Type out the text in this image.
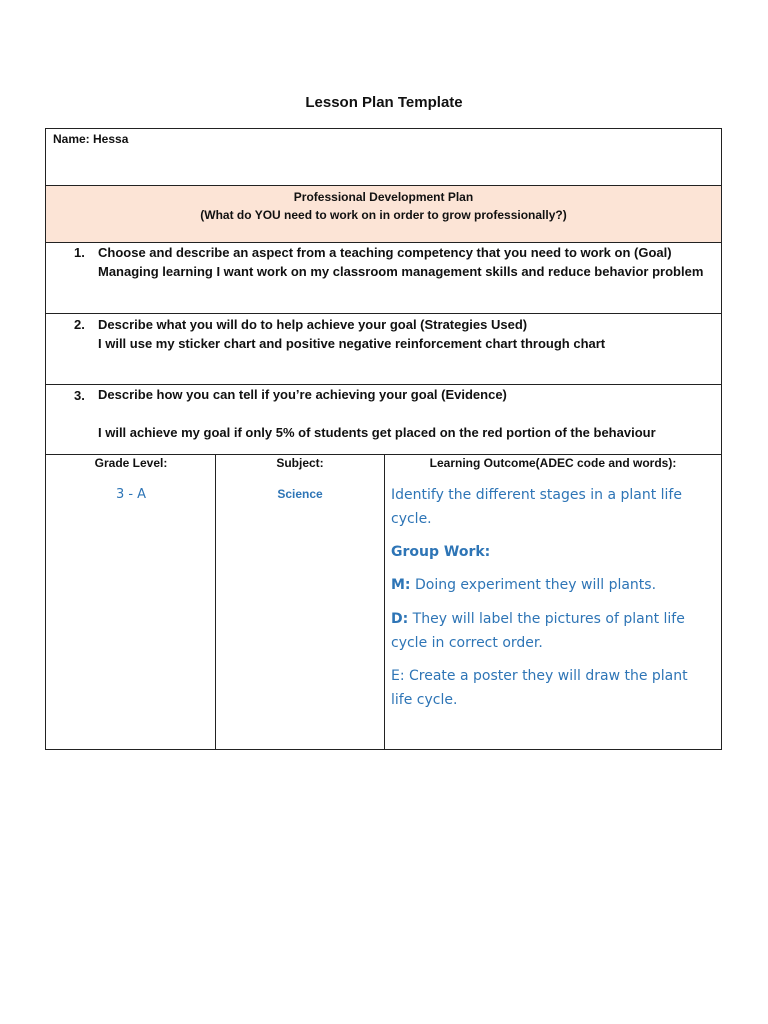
Lesson Plan Template
Name: Hessa
Professional Development Plan
(What do YOU need to work on in order to grow professionally?)
1. Choose and describe an aspect from a teaching competency that you need to work on (Goal)
Managing learning I want work on my classroom management skills and reduce behavior problem
2. Describe what you will do to help achieve your goal (Strategies Used)
I will use my sticker chart and positive negative reinforcement chart through chart
3. Describe how you can tell if you’re achieving your goal (Evidence)
I will achieve my goal if only 5% of students get placed on the red portion of the behaviour
Grade Level:	Subject:	Learning Outcome(ADEC code and words):
3 - A	Science	Identify the different stages in a plant life cycle.
Group Work:
M: Doing experiment they will plants.
D: They will label the pictures of plant life cycle in correct order.
E: Create a poster they will draw the plant life cycle.
